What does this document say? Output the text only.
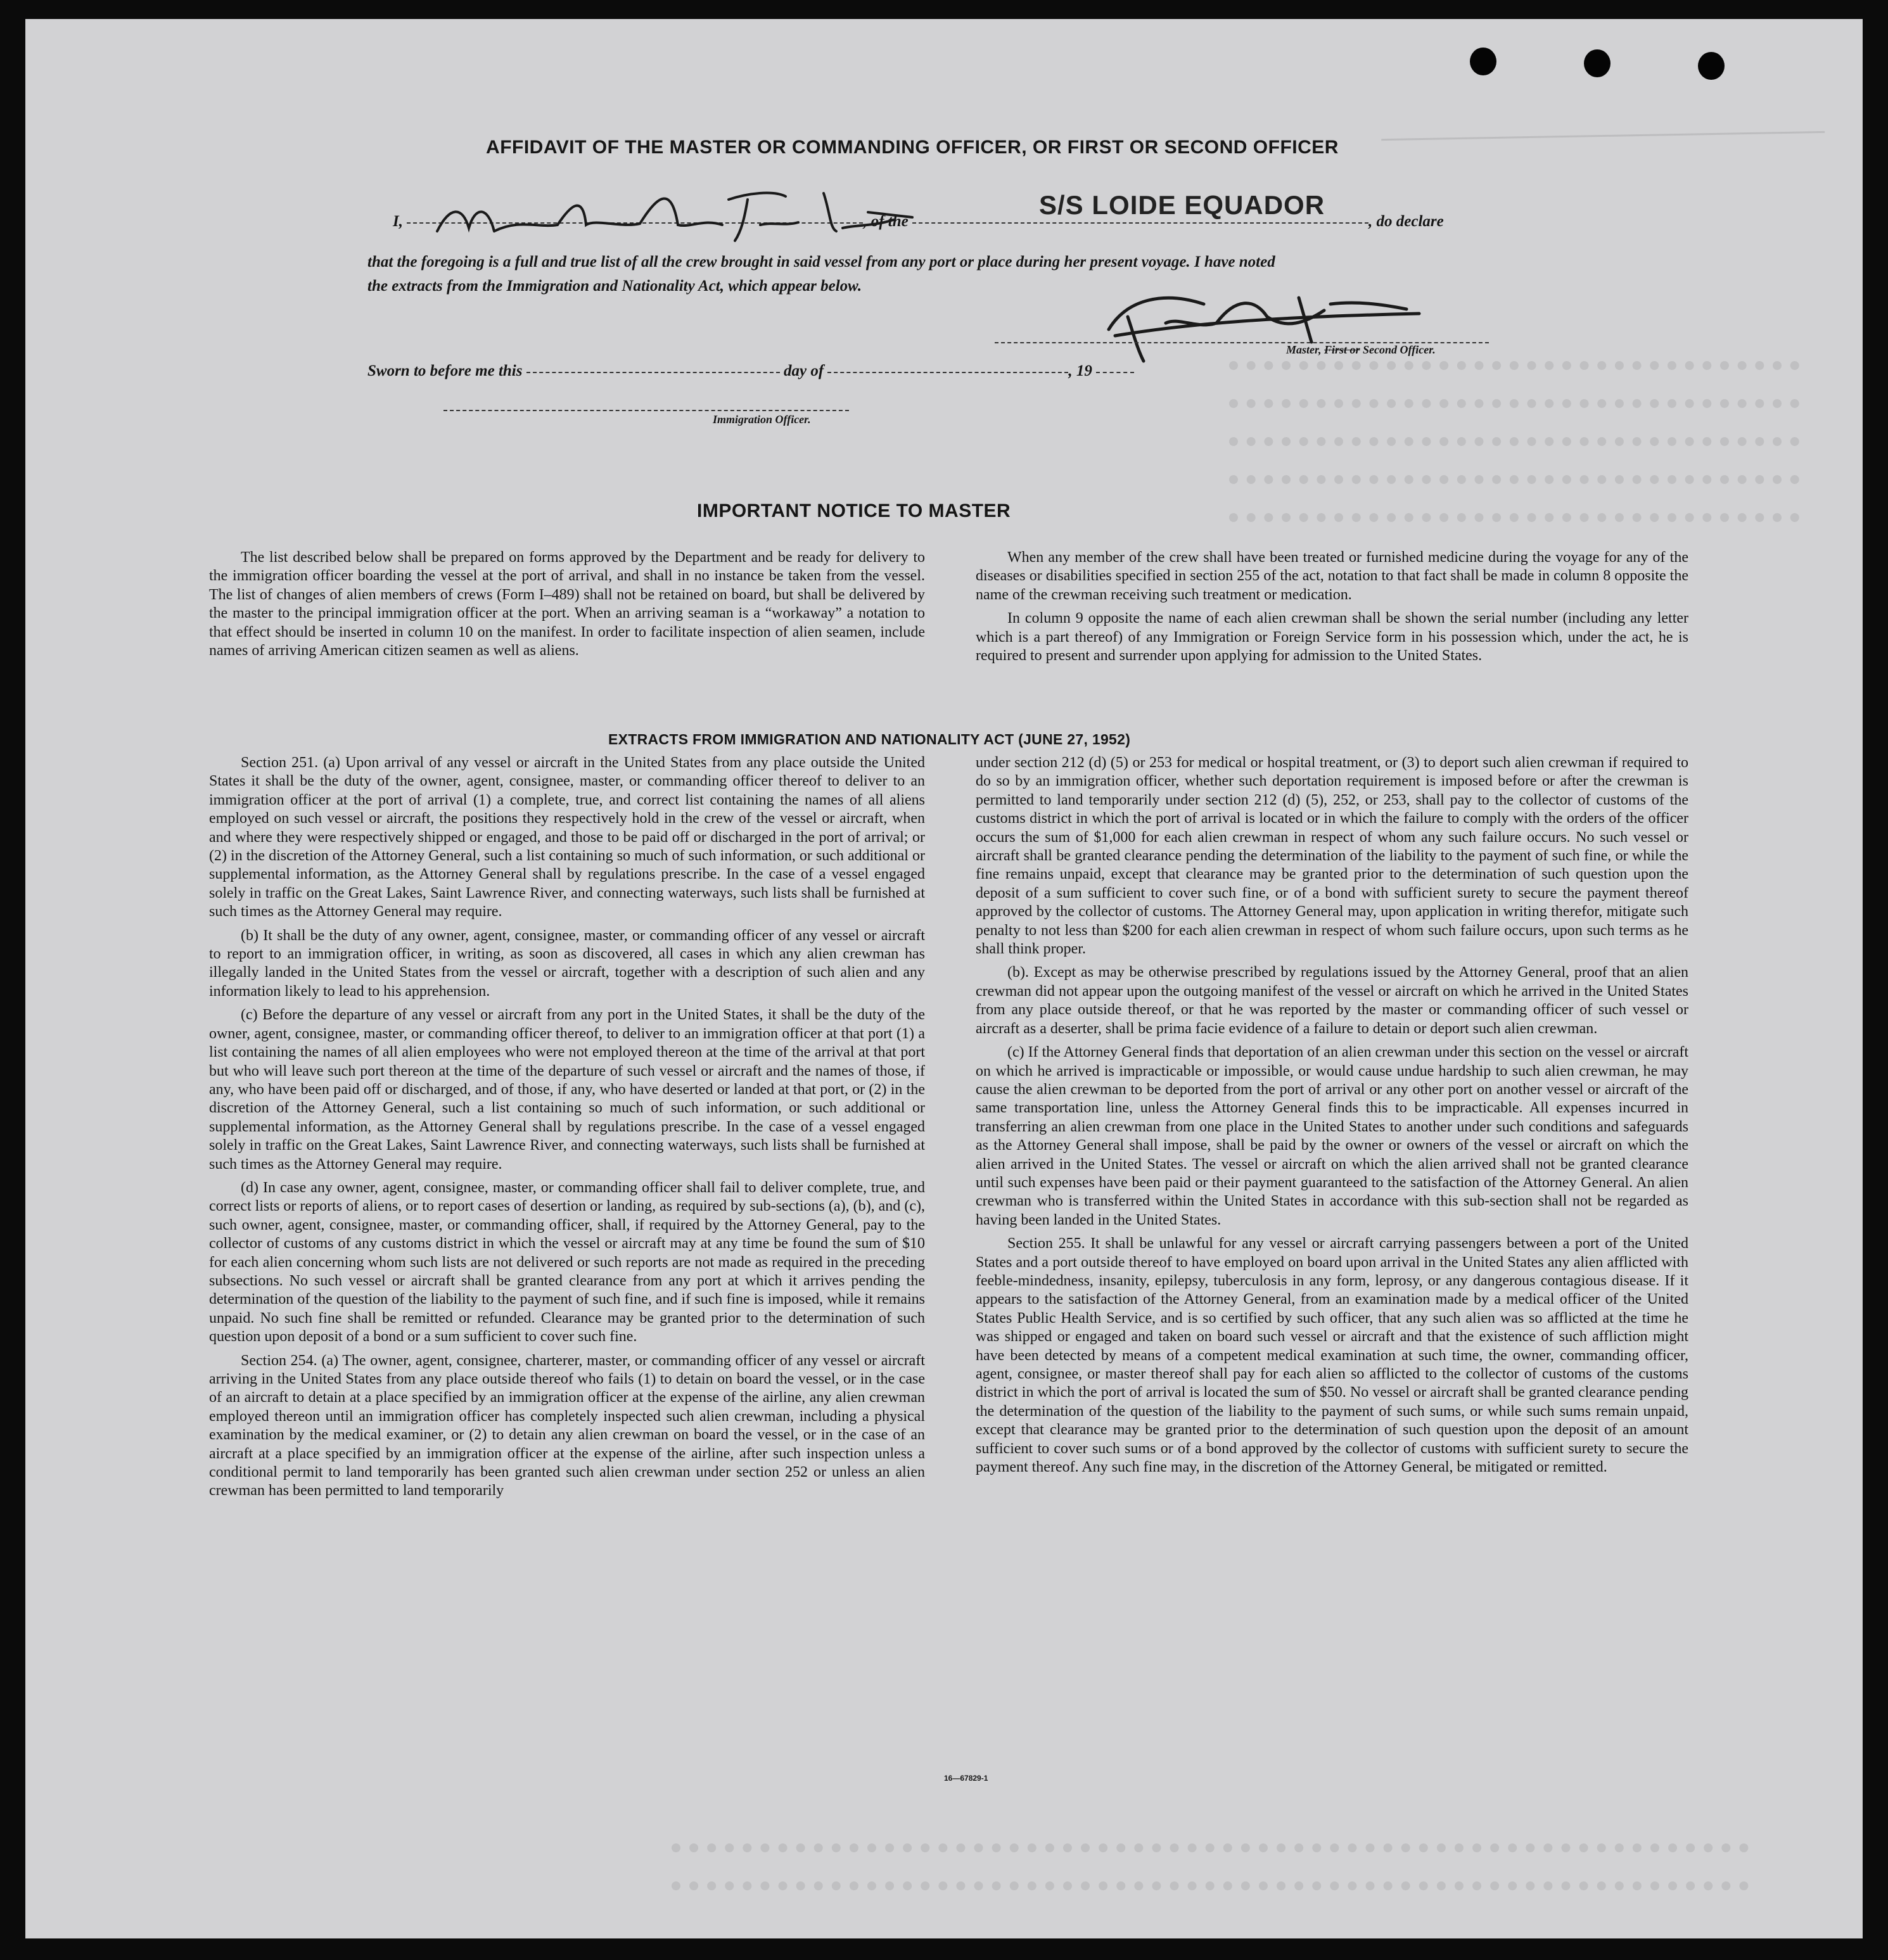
AFFIDAVIT OF THE MASTER OR COMMANDING OFFICER, OR FIRST OR SECOND OFFICER
I,	, of the	, do declare
S/S LOIDE EQUADOR
that the foregoing is a full and true list of all the crew brought in said vessel from any port or place during her present voyage. I have noted
the extracts from the Immigration and Nationality Act, which appear below.
Master, First or Second Officer.
Sworn to before me this	day of	, 19
Immigration Officer.
IMPORTANT NOTICE TO MASTER

The list described below shall be prepared on forms approved by the Department and be ready for delivery to the immigration officer boarding the vessel at the port of arrival, and shall in no instance be taken from the vessel. The list of changes of alien members of crews (Form I–489) shall not be retained on board, but shall be delivered by the master to the principal immigration officer at the port. When an arriving seaman is a “workaway” a notation to that effect should be inserted in column 10 on the manifest. In order to facilitate inspection of alien seamen, include names of arriving American citizen seamen as well as aliens.

When any member of the crew shall have been treated or furnished medicine during the voyage for any of the diseases or disabilities specified in section 255 of the act, notation to that fact shall be made in column 8 opposite the name of the crewman receiving such treatment or medication.

In column 9 opposite the name of each alien crewman shall be shown the serial number (including any letter which is a part thereof) of any Immigration or Foreign Service form in his possession which, under the act, he is required to present and surrender upon applying for admission to the United States.

EXTRACTS FROM IMMIGRATION AND NATIONALITY ACT (JUNE 27, 1952)

Section 251. (a) Upon arrival of any vessel or aircraft in the United States from any place outside the United States it shall be the duty of the owner, agent, consignee, master, or commanding officer thereof to deliver to an immigration officer at the port of arrival (1) a complete, true, and correct list containing the names of all aliens employed on such vessel or aircraft, the positions they respectively hold in the crew of the vessel or aircraft, when and where they were respectively shipped or engaged, and those to be paid off or discharged in the port of arrival; or (2) in the discretion of the Attorney General, such a list containing so much of such information, or such additional or supplemental information, as the Attorney General shall by regulations prescribe. In the case of a vessel engaged solely in traffic on the Great Lakes, Saint Lawrence River, and connecting waterways, such lists shall be furnished at such times as the Attorney General may require.

(b) It shall be the duty of any owner, agent, consignee, master, or commanding officer of any vessel or aircraft to report to an immigration officer, in writing, as soon as discovered, all cases in which any alien crewman has illegally landed in the United States from the vessel or aircraft, together with a description of such alien and any information likely to lead to his apprehension.

(c) Before the departure of any vessel or aircraft from any port in the United States, it shall be the duty of the owner, agent, consignee, master, or commanding officer thereof, to deliver to an immigration officer at that port (1) a list containing the names of all alien employees who were not employed thereon at the time of the arrival at that port but who will leave such port thereon at the time of the departure of such vessel or aircraft and the names of those, if any, who have been paid off or discharged, and of those, if any, who have deserted or landed at that port, or (2) in the discretion of the Attorney General, such a list containing so much of such information, or such additional or supplemental information, as the Attorney General shall by regulations prescribe. In the case of a vessel engaged solely in traffic on the Great Lakes, Saint Lawrence River, and connecting waterways, such lists shall be furnished at such times as the Attorney General may require.

(d) In case any owner, agent, consignee, master, or commanding officer shall fail to deliver complete, true, and correct lists or reports of aliens, or to report cases of desertion or landing, as required by sub-sections (a), (b), and (c), such owner, agent, consignee, master, or commanding officer, shall, if required by the Attorney General, pay to the collector of customs of any customs district in which the vessel or aircraft may at any time be found the sum of $10 for each alien concerning whom such lists are not delivered or such reports are not made as required in the preceding subsections. No such vessel or aircraft shall be granted clearance from any port at which it arrives pending the determination of the question of the liability to the payment of such fine, and if such fine is imposed, while it remains unpaid. No such fine shall be remitted or refunded. Clearance may be granted prior to the determination of such question upon deposit of a bond or a sum sufficient to cover such fine.

Section 254. (a) The owner, agent, consignee, charterer, master, or commanding officer of any vessel or aircraft arriving in the United States from any place outside thereof who fails (1) to detain on board the vessel, or in the case of an aircraft to detain at a place specified by an immigration officer at the expense of the airline, any alien crewman employed thereon until an immigration officer has completely inspected such alien crewman, including a physical examination by the medical examiner, or (2) to detain any alien crewman on board the vessel, or in the case of an aircraft at a place specified by an immigration officer at the expense of the airline, after such inspection unless a conditional permit to land temporarily has been granted such alien crewman under section 252 or unless an alien crewman has been permitted to land temporarily

under section 212 (d) (5) or 253 for medical or hospital treatment, or (3) to deport such alien crewman if required to do so by an immigration officer, whether such deportation requirement is imposed before or after the crewman is permitted to land temporarily under section 212 (d) (5), 252, or 253, shall pay to the collector of customs of the customs district in which the port of arrival is located or in which the failure to comply with the orders of the officer occurs the sum of $1,000 for each alien crewman in respect of whom any such failure occurs. No such vessel or aircraft shall be granted clearance pending the determination of the liability to the payment of such fine, or while the fine remains unpaid, except that clearance may be granted prior to the determination of such question upon the deposit of a sum sufficient to cover such fine, or of a bond with sufficient surety to secure the payment thereof approved by the collector of customs. The Attorney General may, upon application in writing therefor, mitigate such penalty to not less than $200 for each alien crewman in respect of whom such failure occurs, upon such terms as he shall think proper.

(b). Except as may be otherwise prescribed by regulations issued by the Attorney General, proof that an alien crewman did not appear upon the outgoing manifest of the vessel or aircraft on which he arrived in the United States from any place outside thereof, or that he was reported by the master or commanding officer of such vessel or aircraft as a deserter, shall be prima facie evidence of a failure to detain or deport such alien crewman.

(c) If the Attorney General finds that deportation of an alien crewman under this section on the vessel or aircraft on which he arrived is impracticable or impossible, or would cause undue hardship to such alien crewman, he may cause the alien crewman to be deported from the port of arrival or any other port on another vessel or aircraft of the same transportation line, unless the Attorney General finds this to be impracticable. All expenses incurred in transferring an alien crewman from one place in the United States to another under such conditions and safeguards as the Attorney General shall impose, shall be paid by the owner or owners of the vessel or aircraft on which the alien arrived in the United States. The vessel or aircraft on which the alien arrived shall not be granted clearance until such expenses have been paid or their payment guaranteed to the satisfaction of the Attorney General. An alien crewman who is transferred within the United States in accordance with this sub-section shall not be regarded as having been landed in the United States.

Section 255. It shall be unlawful for any vessel or aircraft carrying passengers between a port of the United States and a port outside thereof to have employed on board upon arrival in the United States any alien afflicted with feeble-mindedness, insanity, epilepsy, tuberculosis in any form, leprosy, or any dangerous contagious disease. If it appears to the satisfaction of the Attorney General, from an examination made by a medical officer of the United States Public Health Service, and is so certified by such officer, that any such alien was so afflicted at the time he was shipped or engaged and taken on board such vessel or aircraft and that the existence of such affliction might have been detected by means of a competent medical examination at such time, the owner, commanding officer, agent, consignee, or master thereof shall pay for each alien so afflicted to the collector of customs of the customs district in which the port of arrival is located the sum of $50. No vessel or aircraft shall be granted clearance pending the determination of the question of the liability to the payment of such sums, or while such sums remain unpaid, except that clearance may be granted prior to the determination of such question upon the deposit of an amount sufficient to cover such sums or of a bond approved by the collector of customs with sufficient surety to secure the payment thereof. Any such fine may, in the discretion of the Attorney General, be mitigated or remitted.

16—67829-1
